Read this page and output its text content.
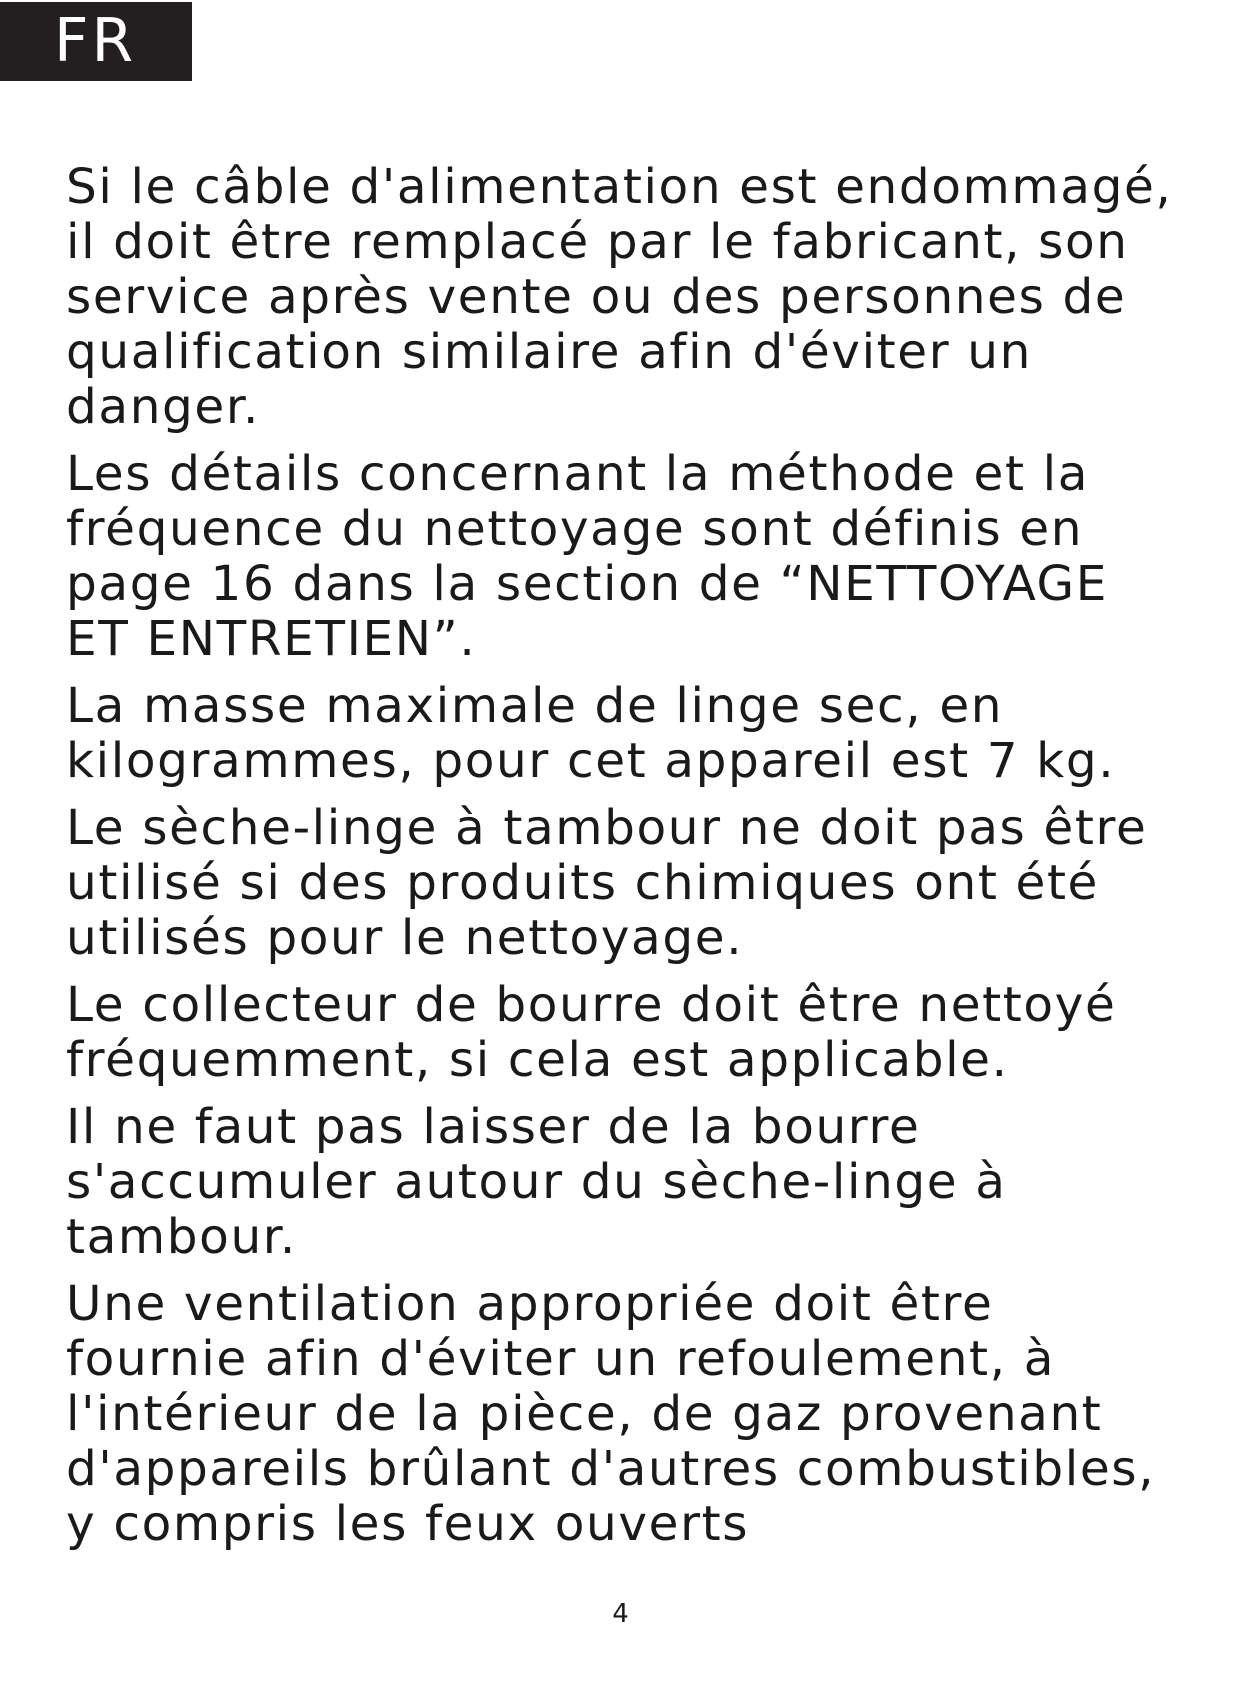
FR

Si le câble d'alimentation est endommagé,
il doit être remplacé par le fabricant, son
service après vente ou des personnes de
qualification similaire afin d'éviter un
danger.

Les détails concernant la méthode et la
fréquence du nettoyage sont définis en
page 16 dans la section de “NETTOYAGE
ET ENTRETIEN”.

La masse maximale de linge sec, en
kilogrammes, pour cet appareil est 7 kg.

Le sèche-linge à tambour ne doit pas être
utilisé si des produits chimiques ont été
utilisés pour le nettoyage.

Le collecteur de bourre doit être nettoyé
fréquemment, si cela est applicable.

Il ne faut pas laisser de la bourre
s'accumuler autour du sèche-linge à
tambour.

Une ventilation appropriée doit être
fournie afin d'éviter un refoulement, à
l'intérieur de la pièce, de gaz provenant
d'appareils brûlant d'autres combustibles,
y compris les feux ouverts

4
